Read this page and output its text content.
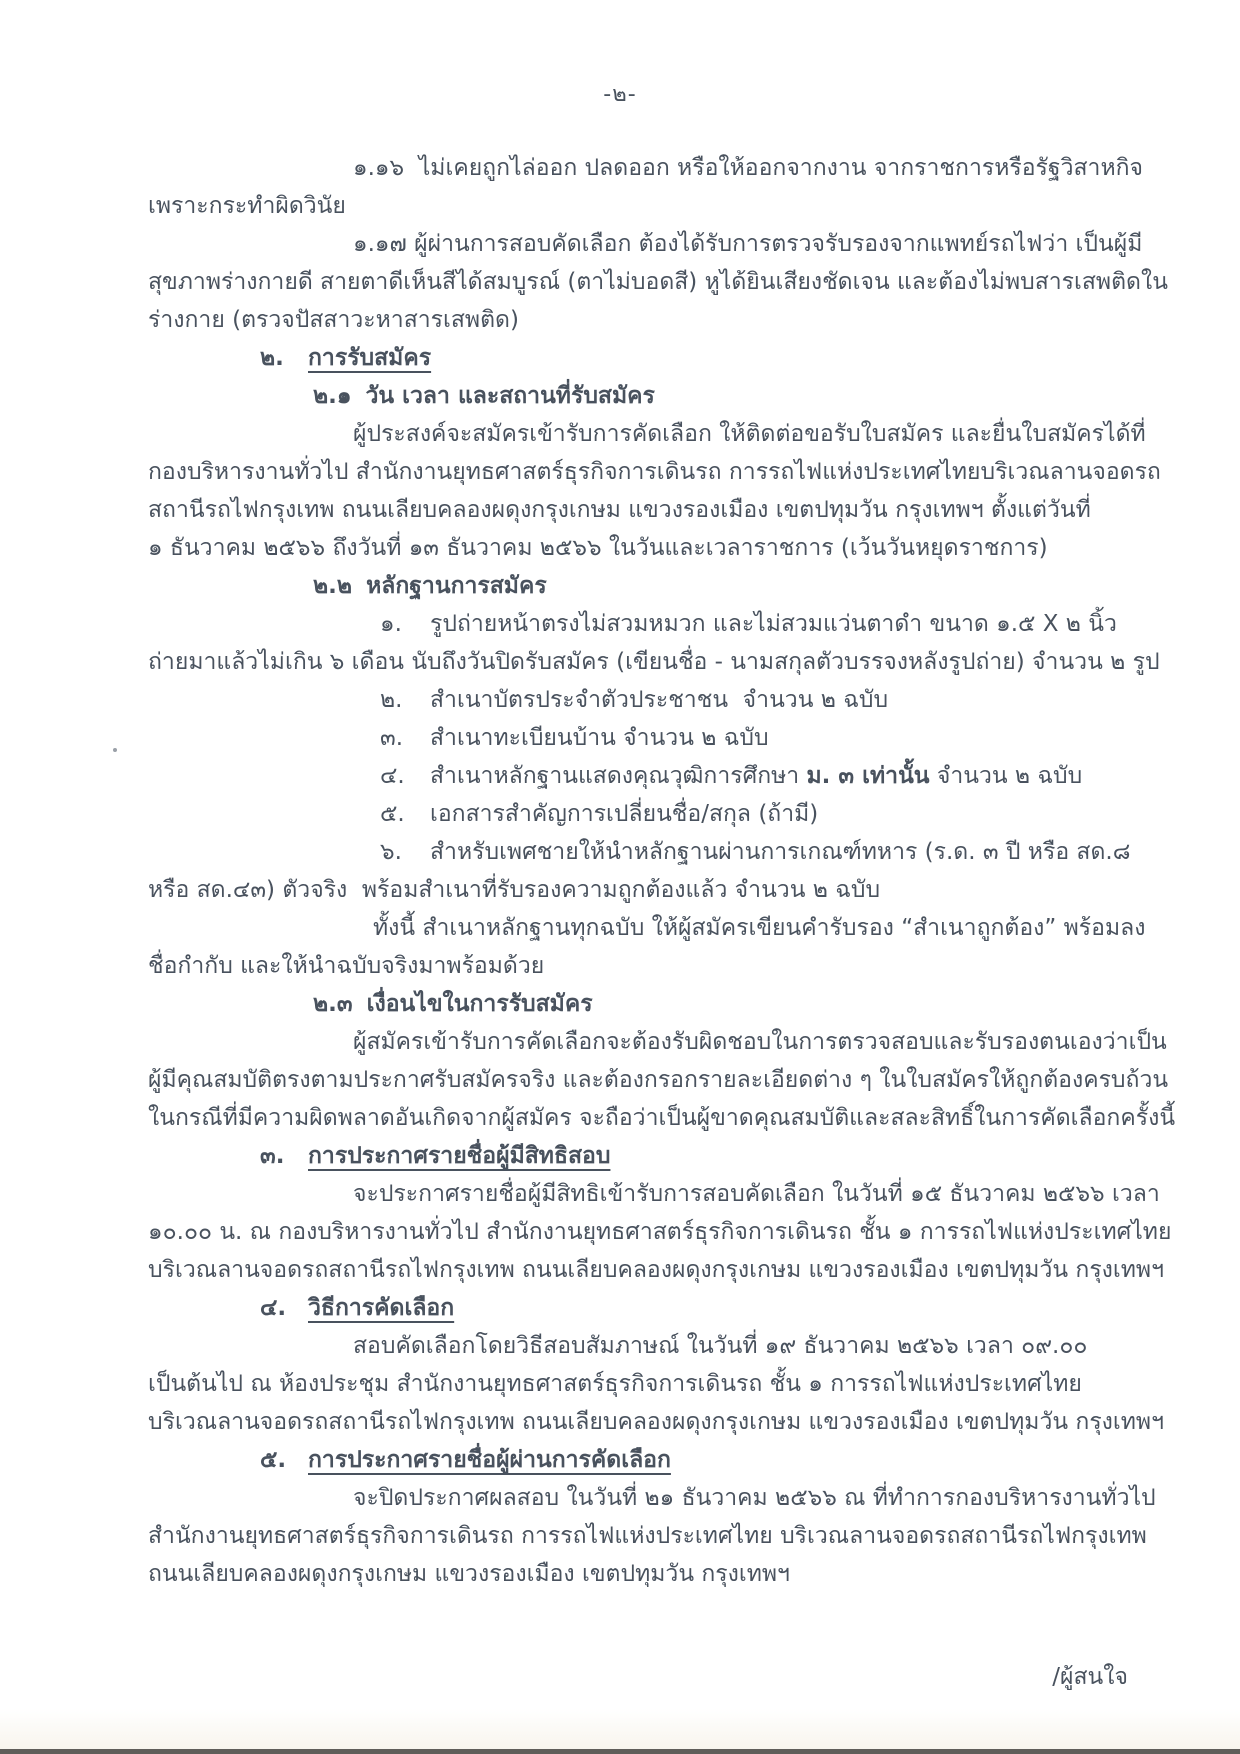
-๒-
๑.๑๖  ไม่เคยถูกไล่ออก ปลดออก หรือให้ออกจากงาน จากราชการหรือรัฐวิสาหกิจ
เพราะกระทำผิดวินัย
๑.๑๗ ผู้ผ่านการสอบคัดเลือก ต้องได้รับการตรวจรับรองจากแพทย์รถไฟว่า เป็นผู้มี
สุขภาพร่างกายดี สายตาดีเห็นสีได้สมบูรณ์ (ตาไม่บอดสี) หูได้ยินเสียงชัดเจน และต้องไม่พบสารเสพติดใน
ร่างกาย (ตรวจปัสสาวะหาสารเสพติด)
๒. การรับสมัคร
๒.๑ วัน เวลา และสถานที่รับสมัคร
ผู้ประสงค์จะสมัครเข้ารับการคัดเลือก ให้ติดต่อขอรับใบสมัคร และยื่นใบสมัครได้ที่
กองบริหารงานทั่วไป สำนักงานยุทธศาสตร์ธุรกิจการเดินรถ การรถไฟแห่งประเทศไทยบริเวณลานจอดรถ
สถานีรถไฟกรุงเทพ ถนนเลียบคลองผดุงกรุงเกษม แขวงรองเมือง เขตปทุมวัน กรุงเทพฯ ตั้งแต่วันที่
๑ ธันวาคม ๒๕๖๖ ถึงวันที่ ๑๓ ธันวาคม ๒๕๖๖ ในวันและเวลาราชการ (เว้นวันหยุดราชการ)
๒.๒ หลักฐานการสมัคร
๑. รูปถ่ายหน้าตรงไม่สวมหมวก และไม่สวมแว่นตาดำ ขนาด ๑.๕ X ๒ นิ้ว
ถ่ายมาแล้วไม่เกิน ๖ เดือน นับถึงวันปิดรับสมัคร (เขียนชื่อ - นามสกุลตัวบรรจงหลังรูปถ่าย) จำนวน ๒ รูป
๒. สำเนาบัตรประจำตัวประชาชน  จำนวน ๒ ฉบับ
๓. สำเนาทะเบียนบ้าน จำนวน ๒ ฉบับ
๔. สำเนาหลักฐานแสดงคุณวุฒิการศึกษา ม. ๓ เท่านั้น จำนวน ๒ ฉบับ
๕. เอกสารสำคัญการเปลี่ยนชื่อ/สกุล (ถ้ามี)
๖. สำหรับเพศชายให้นำหลักฐานผ่านการเกณฑ์ทหาร (ร.ด. ๓ ปี หรือ สด.๘
หรือ สด.๔๓) ตัวจริง  พร้อมสำเนาที่รับรองความถูกต้องแล้ว จำนวน ๒ ฉบับ
ทั้งนี้ สำเนาหลักฐานทุกฉบับ ให้ผู้สมัครเขียนคำรับรอง “สำเนาถูกต้อง” พร้อมลง
ชื่อกำกับ และให้นำฉบับจริงมาพร้อมด้วย
๒.๓ เงื่อนไขในการรับสมัคร
ผู้สมัครเข้ารับการคัดเลือกจะต้องรับผิดชอบในการตรวจสอบและรับรองตนเองว่าเป็น
ผู้มีคุณสมบัติตรงตามประกาศรับสมัครจริง และต้องกรอกรายละเอียดต่าง ๆ ในใบสมัครให้ถูกต้องครบถ้วน
ในกรณีที่มีความผิดพลาดอันเกิดจากผู้สมัคร จะถือว่าเป็นผู้ขาดคุณสมบัติและสละสิทธิ์ในการคัดเลือกครั้งนี้
๓. การประกาศรายชื่อผู้มีสิทธิสอบ
จะประกาศรายชื่อผู้มีสิทธิเข้ารับการสอบคัดเลือก ในวันที่ ๑๕ ธันวาคม ๒๕๖๖ เวลา
๑๐.๐๐ น. ณ กองบริหารงานทั่วไป สำนักงานยุทธศาสตร์ธุรกิจการเดินรถ ชั้น ๑ การรถไฟแห่งประเทศไทย
บริเวณลานจอดรถสถานีรถไฟกรุงเทพ ถนนเลียบคลองผดุงกรุงเกษม แขวงรองเมือง เขตปทุมวัน กรุงเทพฯ
๔. วิธีการคัดเลือก
สอบคัดเลือกโดยวิธีสอบสัมภาษณ์ ในวันที่ ๑๙ ธันวาคม ๒๕๖๖ เวลา ๐๙.๐๐
เป็นต้นไป ณ ห้องประชุม สำนักงานยุทธศาสตร์ธุรกิจการเดินรถ ชั้น ๑ การรถไฟแห่งประเทศไทย
บริเวณลานจอดรถสถานีรถไฟกรุงเทพ ถนนเลียบคลองผดุงกรุงเกษม แขวงรองเมือง เขตปทุมวัน กรุงเทพฯ
๕. การประกาศรายชื่อผู้ผ่านการคัดเลือก
จะปิดประกาศผลสอบ ในวันที่ ๒๑ ธันวาคม ๒๕๖๖ ณ ที่ทำการกองบริหารงานทั่วไป
สำนักงานยุทธศาสตร์ธุรกิจการเดินรถ การรถไฟแห่งประเทศไทย บริเวณลานจอดรถสถานีรถไฟกรุงเทพ
ถนนเลียบคลองผดุงกรุงเกษม แขวงรองเมือง เขตปทุมวัน กรุงเทพฯ
/ผู้สนใจ
